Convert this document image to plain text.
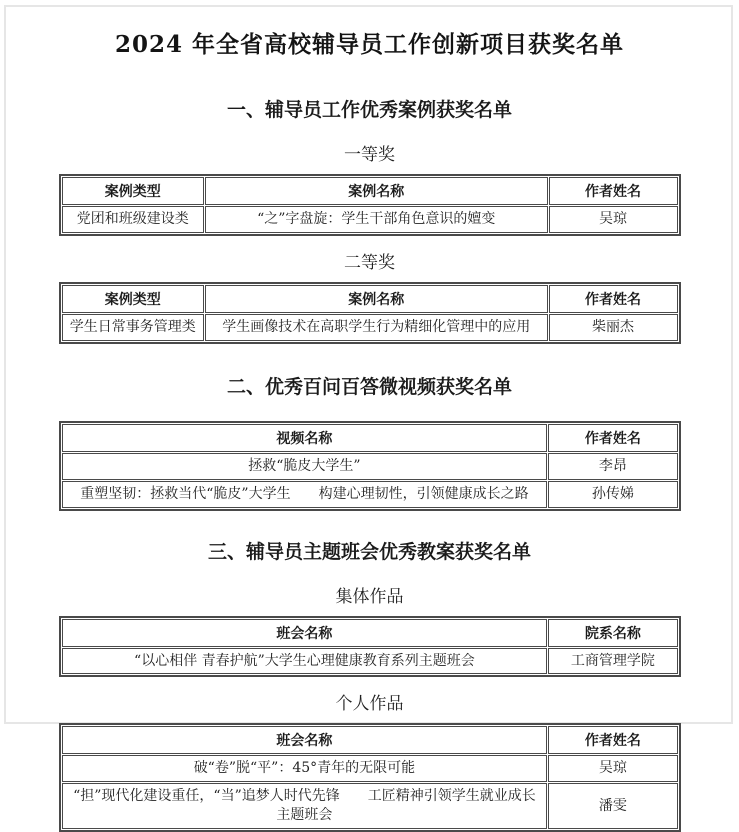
2024 年全省高校辅导员工作创新项目获奖名单
一、辅导员工作优秀案例获奖名单
一等奖
案例类型	案例名称	作者姓名
党团和班级建设类	“之”字盘旋：学生干部角色意识的嬗变	吴琼
二等奖
案例类型	案例名称	作者姓名
学生日常事务管理类	学生画像技术在高职学生行为精细化管理中的应用	柴丽杰
二、优秀百问百答微视频获奖名单
视频名称	作者姓名
拯救“脆皮大学生”	李昂
重塑坚韧：拯救当代“脆皮”大学生　　构建心理韧性，引领健康成长之路	孙传娣
三、辅导员主题班会优秀教案获奖名单
集体作品
班会名称	院系名称
“以心相伴 青春护航”大学生心理健康教育系列主题班会	工商管理学院
个人作品
班会名称	作者姓名
破“卷”脱“平”：45°青年的无限可能	吴琼
“担”现代化建设重任，“当”追梦人时代先锋　　工匠精神引领学生就业成长主题班会	潘雯
